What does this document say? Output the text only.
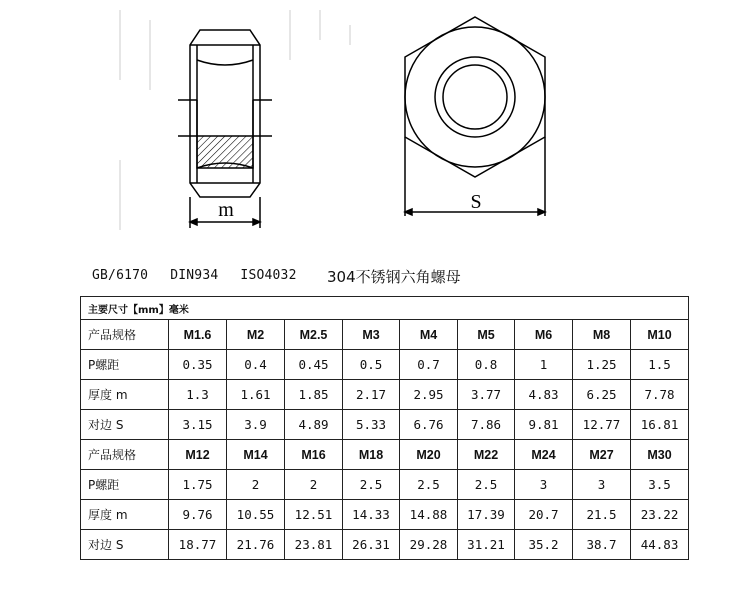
m	S
GB/6170 DIN934 ISO4032	304不锈钢六角螺母
主要尺寸【mm】毫米									
产品规格	M1.6	M2	M2.5	M3	M4	M5	M6	M8	M10
P螺距	0.35	0.4	0.45	0.5	0.7	0.8	1	1.25	1.5
厚度 m	1.3	1.61	1.85	2.17	2.95	3.77	4.83	6.25	7.78
对边 S	3.15	3.9	4.89	5.33	6.76	7.86	9.81	12.77	16.81
产品规格	M12	M14	M16	M18	M20	M22	M24	M27	M30
P螺距	1.75	2	2	2.5	2.5	2.5	3	3	3.5
厚度 m	9.76	10.55	12.51	14.33	14.88	17.39	20.7	21.5	23.22
对边 S	18.77	21.76	23.81	26.31	29.28	31.21	35.2	38.7	44.83
